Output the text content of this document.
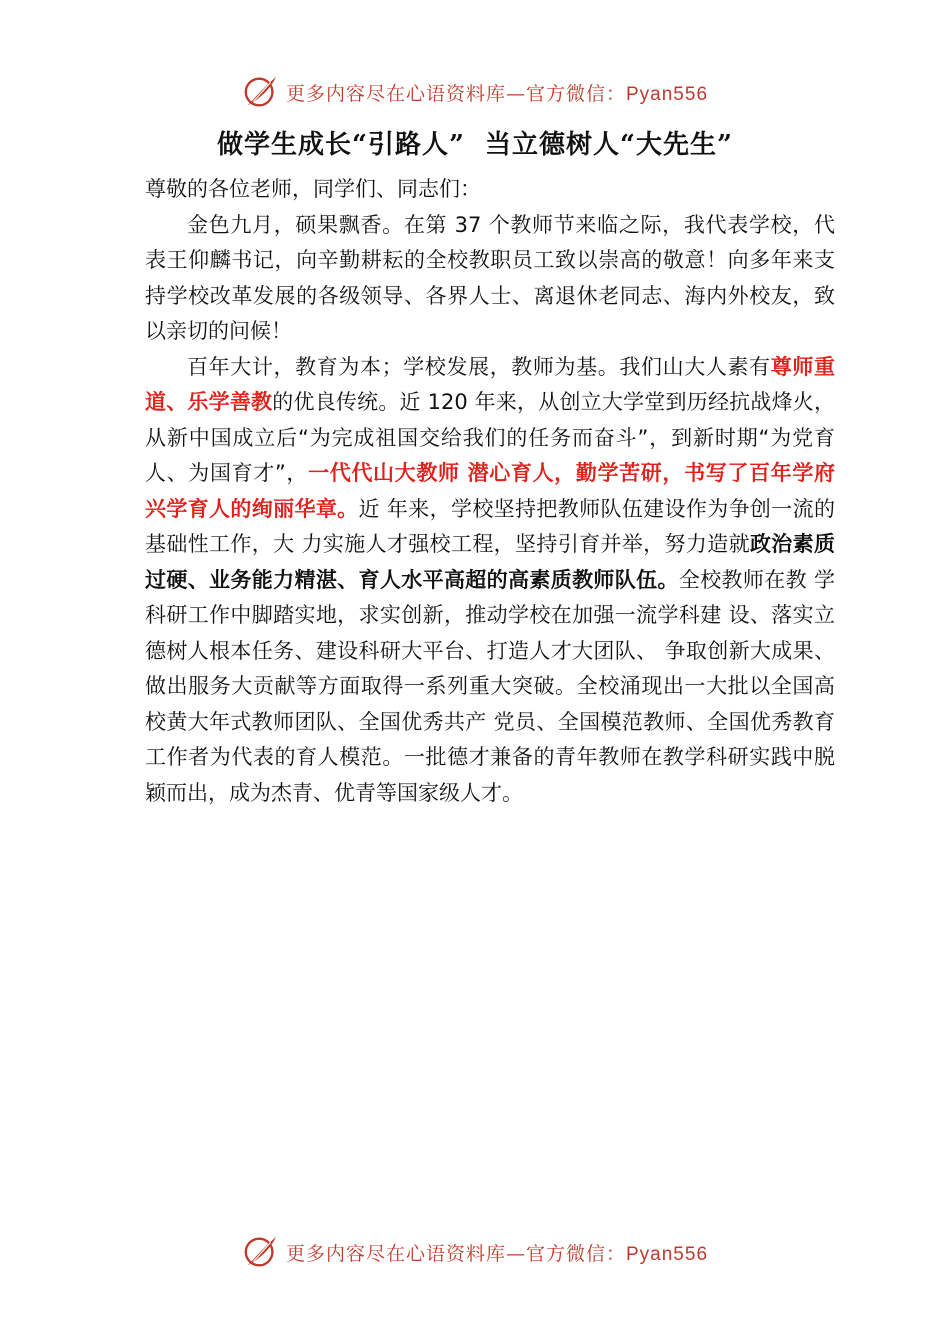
更多内容尽在心语资料库—官方微信：Pyan556
做学生成长“引路人”  当立德树人“大先生”

尊敬的各位老师，同学们、同志们：

金色九月，硕果飘香。在第 37 个教师节来临之际，我代表学校，代表王仰麟书记，向辛勤耕耘的全校教职员工致以崇高的敬意！向多年来支持学校改革发展的各级领导、各界人士、离退休老同志、海内外校友，致以亲切的问候！

百年大计，教育为本；学校发展，教师为基。我们山大人素有尊师重道、乐学善教的优良传统。近 120 年来，从创立大学堂到历经抗战烽火，从新中国成立后“为完成祖国交给我们的任务而奋斗”，到新时期“为党育人、为国育才”，一代代山大教师 潜心育人，勤学苦研，书写了百年学府兴学育人的绚丽华章。近 年来，学校坚持把教师队伍建设作为争创一流的基础性工作，大 力实施人才强校工程，坚持引育并举，努力造就政治素质过硬、业务能力精湛、育人水平高超的高素质教师队伍。全校教师在教 学科研工作中脚踏实地，求实创新，推动学校在加强一流学科建 设、落实立德树人根本任务、建设科研大平台、打造人才大团队、 争取创新大成果、做出服务大贡献等方面取得一系列重大突破。全校涌现出一大批以全国高校黄大年式教师团队、全国优秀共产 党员、全国模范教师、全国优秀教育工作者为代表的育人模范。一批德才兼备的青年教师在教学科研实践中脱颖而出，成为杰青、优青等国家级人才。

更多内容尽在心语资料库—官方微信：Pyan556
